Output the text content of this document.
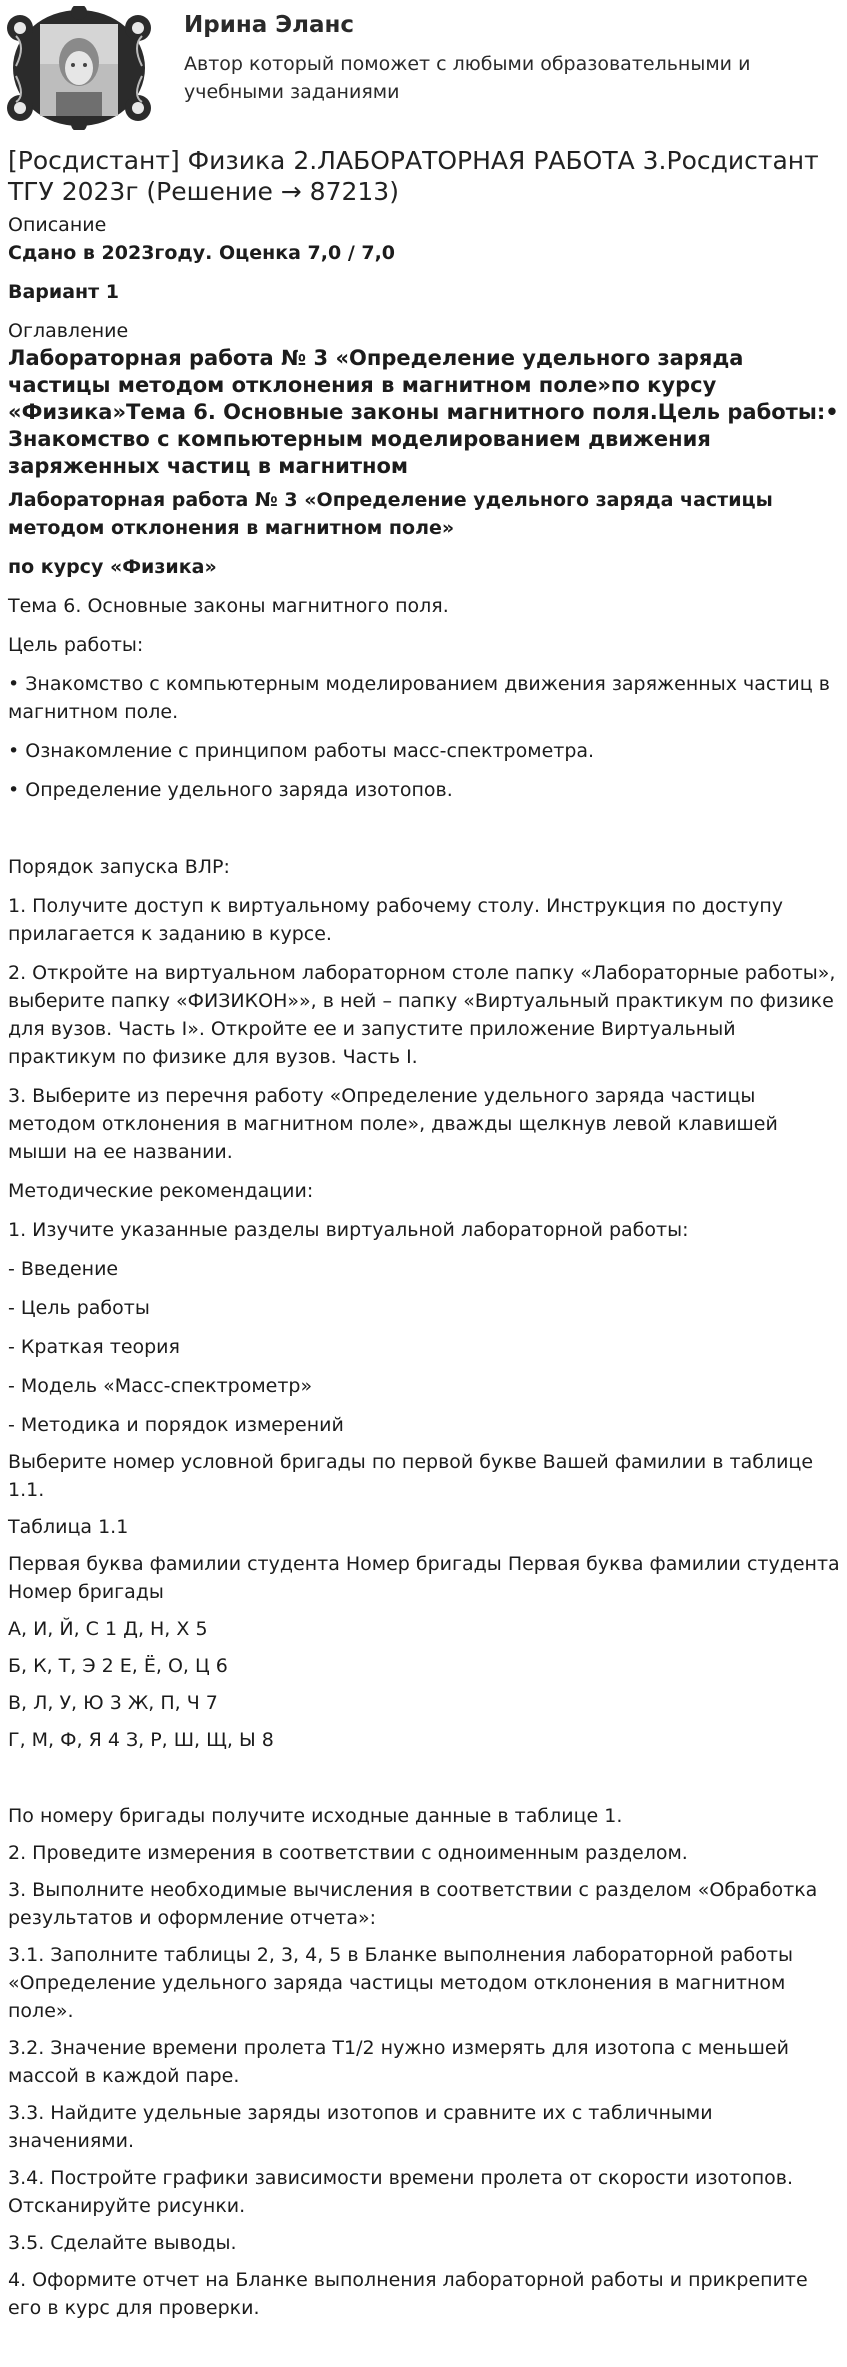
Ирина Эланс
Автор который поможет с любыми образовательными и учебными заданиями
[Росдистант] Физика 2.ЛАБОРАТОРНАЯ РАБОТА 3.Росдистант ТГУ 2023г (Решение → 87213)
Описание
Сдано в 2023году. Оценка 7,0 / 7,0
Вариант 1
Оглавление
Лабораторная работа № 3 «Определение удельного заряда частицы методом отклонения в магнитном поле»по курсу «Физика»Тема 6. Основные законы магнитного поля.Цель работы:• Знакомство с компьютерным моделированием движения заряженных частиц в магнитном
Лабораторная работа № 3 «Определение удельного заряда частицы методом отклонения в магнитном поле»
по курсу «Физика»
Тема 6. Основные законы магнитного поля.
Цель работы:
• Знакомство с компьютерным моделированием движения заряженных частиц в магнитном поле.
• Ознакомление с принципом работы масс-спектрометра.
• Определение удельного заряда изотопов.
Порядок запуска ВЛР:
1. Получите доступ к виртуальному рабочему столу. Инструкция по доступу прилагается к заданию в курсе.
2. Откройте на виртуальном лабораторном столе папку «Лабораторные работы», выберите папку «ФИЗИКОН»», в ней – папку «Виртуальный практикум по физике для вузов. Часть I». Откройте ее и запустите приложение Виртуальный практикум по физике для вузов. Часть I.
3. Выберите из перечня работу «Определение удельного заряда частицы методом отклонения в магнитном поле», дважды щелкнув левой клавишей мыши на ее названии.
Методические рекомендации:
1. Изучите указанные разделы виртуальной лабораторной работы:
- Введение
- Цель работы
- Краткая теория
- Модель «Масс-спектрометр»
- Методика и порядок измерений
Выберите номер условной бригады по первой букве Вашей фамилии в таблице 1.1.
Таблица 1.1
Первая буква фамилии студента Номер бригады Первая буква фамилии студента Номер бригады
А, И, Й, С 1 Д, Н, Х 5
Б, К, Т, Э 2 Е, Ё, О, Ц 6
В, Л, У, Ю 3 Ж, П, Ч 7
Г, М, Ф, Я 4 З, Р, Ш, Щ, Ы 8
По номеру бригады получите исходные данные в таблице 1.
2. Проведите измерения в соответствии с одноименным разделом.
3. Выполните необходимые вычисления в соответствии с разделом «Обработка результатов и оформление отчета»:
3.1. Заполните таблицы 2, 3, 4, 5 в Бланке выполнения лабораторной работы «Определение удельного заряда частицы методом отклонения в магнитном поле».
3.2. Значение времени пролета Т1/2 нужно измерять для изотопа с меньшей массой в каждой паре.
3.3. Найдите удельные заряды изотопов и сравните их с табличными значениями.
3.4. Постройте графики зависимости времени пролета от скорости изотопов. Отсканируйте рисунки.
3.5. Сделайте выводы.
4. Оформите отчет на Бланке выполнения лабораторной работы и прикрепите его в курс для проверки.
